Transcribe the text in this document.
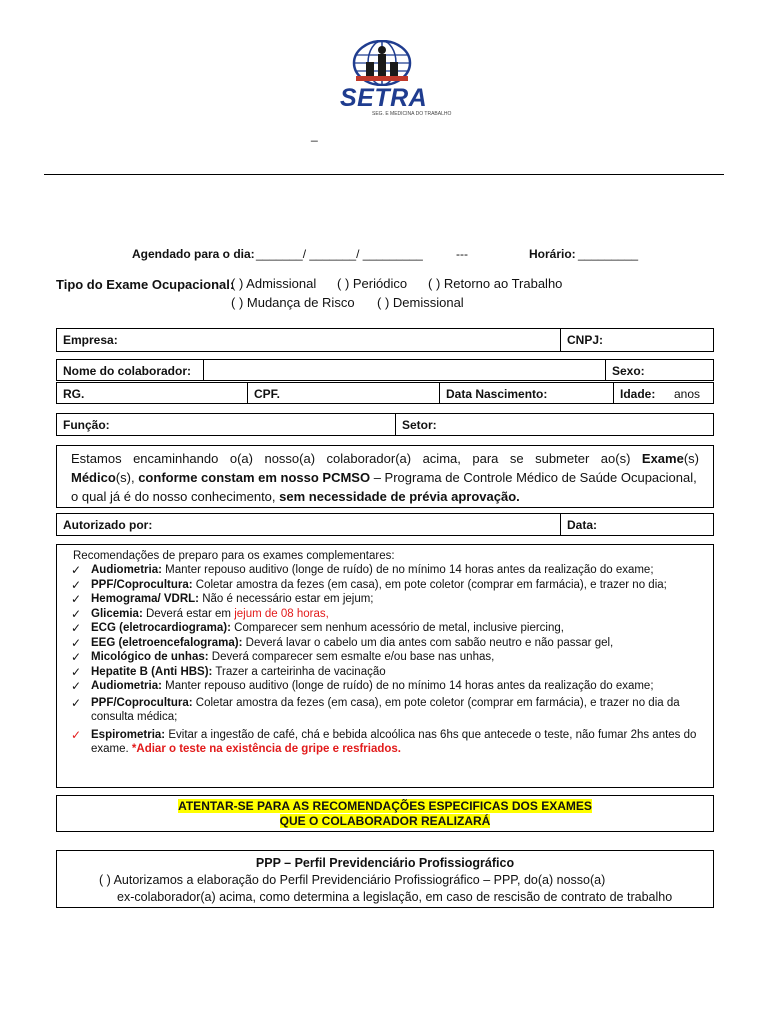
SETRA
SEG. E MEDICINA DO TRABALHO
_
Agendado para o dia: _______/ _______/ _________	---	Horário: _________
Tipo do Exame Ocupacional:
( ) Admissional ( ) Periódico ( ) Retorno ao Trabalho
( ) Mudança de Risco ( ) Demissional
Empresa:	CNPJ:
Nome do colaborador:	Sexo:
RG.	CPF.	Data Nascimento:	Idade: anos
Função:	Setor:
Estamos encaminhando o(a) nosso(a) colaborador(a) acima, para se submeter ao(s) Exame(s)
Médico(s), conforme constam em nosso PCMSO – Programa de Controle Médico de Saúde Ocupacional,
o qual já é do nosso conhecimento, sem necessidade de prévia aprovação.
Autorizado por:	Data:
Recomendações de preparo para os exames complementares:
✓ Audiometria: Manter repouso auditivo (longe de ruído) de no mínimo 14 horas antes da realização do exame;
✓ PPF/Coprocultura: Coletar amostra da fezes (em casa), em pote coletor (comprar em farmácia), e trazer no dia;
✓ Hemograma/ VDRL: Não é necessário estar em jejum;
✓ Glicemia: Deverá estar em jejum de 08 horas,
✓ ECG (eletrocardiograma): Comparecer sem nenhum acessório de metal, inclusive piercing,
✓ EEG (eletroencefalograma): Deverá lavar o cabelo um dia antes com sabão neutro e não passar gel,
✓ Micológico de unhas: Deverá comparecer sem esmalte e/ou base nas unhas,
✓ Hepatite B (Anti HBS): Trazer a carteirinha de vacinação
✓ Audiometria: Manter repouso auditivo (longe de ruído) de no mínimo 14 horas antes da realização do exame;
✓ PPF/Coprocultura: Coletar amostra da fezes (em casa), em pote coletor (comprar em farmácia), e trazer no dia da consulta médica;
✓ Espirometria: Evitar a ingestão de café, chá e bebida alcoólica nas 6hs que antecede o teste, não fumar 2hs antes do exame. *Adiar o teste na existência de gripe e resfriados.
ATENTAR-SE PARA AS RECOMENDAÇÕES ESPECIFICAS DOS EXAMES
QUE O COLABORADOR REALIZARÁ
PPP – Perfil Previdenciário Profissiográfico
( ) Autorizamos a elaboração do Perfil Previdenciário Profissiográfico – PPP, do(a) nosso(a)
ex-colaborador(a) acima, como determina a legislação, em caso de rescisão de contrato de trabalho
